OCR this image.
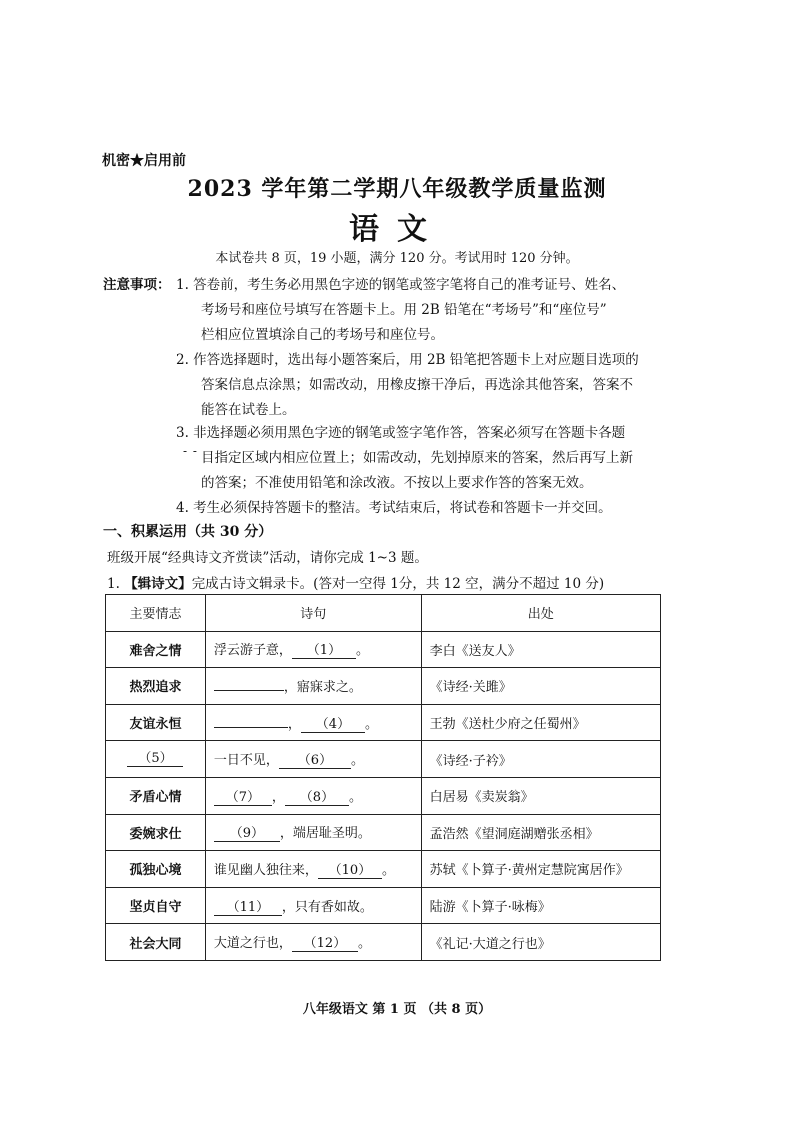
机密★启用前
2023 学年第二学期八年级教学质量监测
语文
本试卷共 8 页，19 小题，满分 120 分。考试用时 120 分钟。
注意事项： 1. 答卷前，考生务必用黑色字迹的钢笔或签字笔将自己的准考证号、姓名、
考场号和座位号填写在答题卡上。用 2B 铅笔在“考场号”和“座位号”
栏相应位置填涂自己的考场号和座位号。
2. 作答选择题时，选出每小题答案后，用 2B 铅笔把答题卡上对应题目选项的
答案信息点涂黑；如需改动，用橡皮擦干净后，再选涂其他答案，答案不
能答在试卷上。
3. 非选择题必须用黑色字迹的钢笔或签字笔作答，答案必须写在答题卡各题
目指定区域内相应位置上；如需改动，先划掉原来的答案，然后再写上新
的答案；不准使用铅笔和涂改液。不按以上要求作答的答案无效。
4. 考生必须保持答题卡的整洁。考试结束后，将试卷和答题卡一并交回。
- -
一、积累运用（共 30 分）
班级开展“经典诗文齐赏读”活动，请你完成 1~3 题。
1. 【辑诗文】完成古诗文辑录卡。(答对一空得 1分，共 12 空，满分不超过 10 分)
主要情志	诗句	出处
难舍之情	浮云游子意， （1） 。	李白《送友人》
热烈追求	，寤寐求之。	《诗经·关雎》
友谊永恒	， （4） 。	王勃《送杜少府之任蜀州》
（5）	一日不见， （6） 。	《诗经·子衿》
矛盾心情	（7） ， （8） 。	白居易《卖炭翁》
委婉求仕	（9） ，端居耻圣明。	孟浩然《望洞庭湖赠张丞相》
孤独心境	谁见幽人独往来， （10） 。	苏轼《卜算子·黄州定慧院寓居作》
坚贞自守	（11） ，只有香如故。	陆游《卜算子·咏梅》
社会大同	大道之行也， （12） 。	《礼记·大道之行也》
八年级语文 第 1 页 （共 8 页）
